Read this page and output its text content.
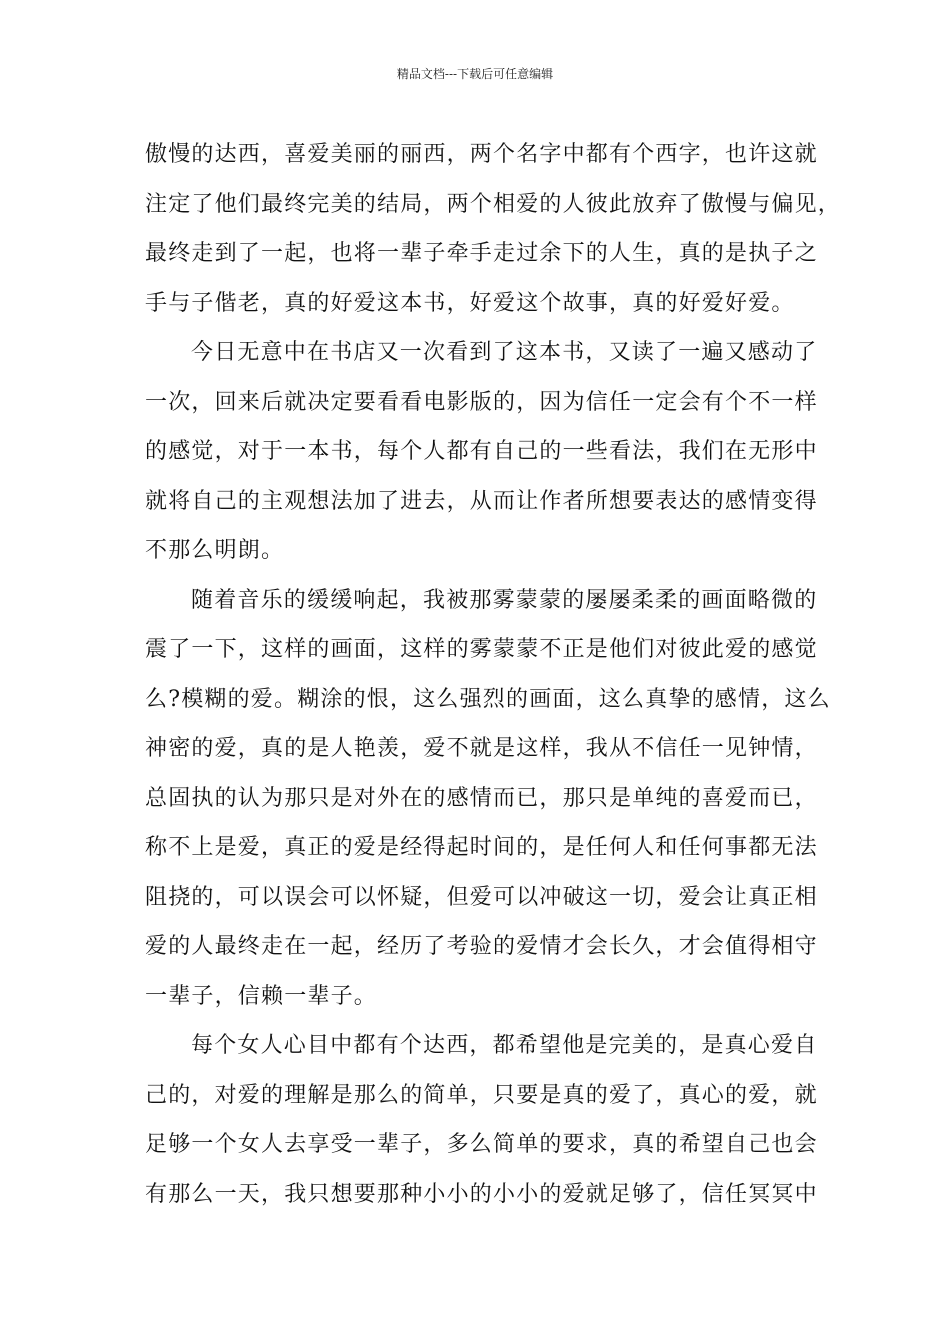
精品文档---下载后可任意编辑
傲慢的达西，喜爱美丽的丽西，两个名字中都有个西字，也许这就
注定了他们最终完美的结局，两个相爱的人彼此放弃了傲慢与偏见，
最终走到了一起，也将一辈子牵手走过余下的人生，真的是执子之
手与子偕老，真的好爱这本书，好爱这个故事，真的好爱好爱。
今日无意中在书店又一次看到了这本书，又读了一遍又感动了
一次，回来后就决定要看看电影版的，因为信任一定会有个不一样
的感觉，对于一本书，每个人都有自己的一些看法，我们在无形中
就将自己的主观想法加了进去，从而让作者所想要表达的感情变得
不那么明朗。
随着音乐的缓缓响起，我被那雾蒙蒙的屡屡柔柔的画面略微的
震了一下，这样的画面，这样的雾蒙蒙不正是他们对彼此爱的感觉
么?模糊的爱。糊涂的恨，这么强烈的画面，这么真挚的感情，这么
神密的爱，真的是人艳羡，爱不就是这样，我从不信任一见钟情，
总固执的认为那只是对外在的感情而已，那只是单纯的喜爱而已，
称不上是爱，真正的爱是经得起时间的，是任何人和任何事都无法
阻挠的，可以误会可以怀疑，但爱可以冲破这一切，爱会让真正相
爱的人最终走在一起，经历了考验的爱情才会长久，才会值得相守
一辈子，信赖一辈子。
每个女人心目中都有个达西，都希望他是完美的，是真心爱自
己的，对爱的理解是那么的简单，只要是真的爱了，真心的爱，就
足够一个女人去享受一辈子，多么简单的要求，真的希望自己也会
有那么一天，我只想要那种小小的小小的爱就足够了，信任冥冥中
